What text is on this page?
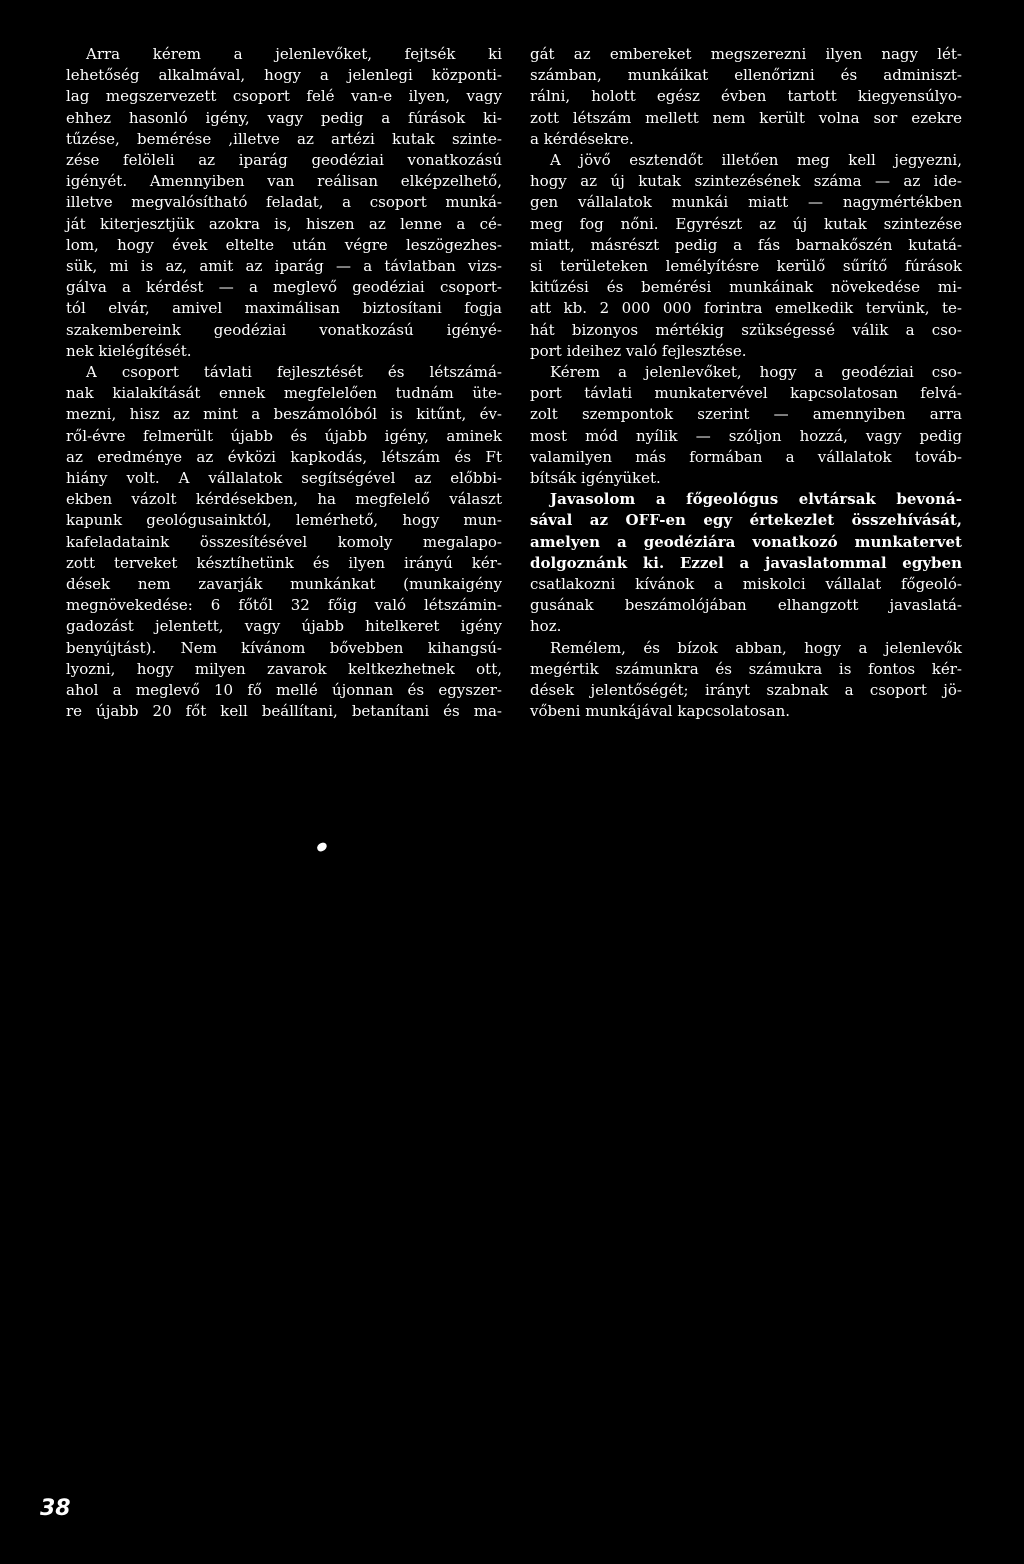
Arra kérem a jelenlevőket, fejtsék ki
lehetőség alkalmával, hogy a jelenlegi központi-
lag megszervezett csoport felé van-e ilyen, vagy
ehhez hasonló igény, vagy pedig a fúrások ki-
tűzése, bemérése ,illetve az artézi kutak szinte-
zése felöleli az iparág geodéziai vonatkozású
igényét. Amennyiben van reálisan elképzelhető,
illetve megvalósítható feladat, a csoport munká-
ját kiterjesztjük azokra is, hiszen az lenne a cé-
lom, hogy évek eltelte után végre leszögezhes-
sük, mi is az, amit az iparág — a távlatban vizs-
gálva a kérdést — a meglevő geodéziai csoport-
tól elvár, amivel maximálisan biztosítani fogja
szakembereink geodéziai vonatkozású igényé-
nek kielégítését.

A csoport távlati fejlesztését és létszámá-
nak kialakítását ennek megfelelően tudnám üte-
mezni, hisz az mint a beszámolóból is kitűnt, év-
ről-évre felmerült újabb és újabb igény, aminek
az eredménye az évközi kapkodás, létszám és Ft
hiány volt. A vállalatok segítségével az előbbi-
ekben vázolt kérdésekben, ha megfelelő választ
kapunk geológusainktól, lemérhető, hogy mun-
kafeladataink összesítésével komoly megalapo-
zott terveket késztíhetünk és ilyen irányú kér-
dések nem zavarják munkánkat (munkaigény
megnövekedése: 6 főtől 32 főig való létszámin-
gadozást jelentett, vagy újabb hitelkeret igény
benyújtást). Nem kívánom bővebben kihangsú-
lyozni, hogy milyen zavarok keltkezhetnek ott,
ahol a meglevő 10 fő mellé újonnan és egyszer-
re újabb 20 főt kell beállítani, betanítani és ma-

gát az embereket megszerezni ilyen nagy lét-
számban, munkáikat ellenőrizni és adminiszt-
rálni, holott egész évben tartott kiegyensúlyo-
zott létszám mellett nem került volna sor ezekre
a kérdésekre.

A jövő esztendőt illetően meg kell jegyezni,
hogy az új kutak szintezésének száma — az ide-
gen vállalatok munkái miatt — nagymértékben
meg fog nőni. Egyrészt az új kutak szintezése
miatt, másrészt pedig a fás barnakőszén kutatá-
si területeken lemélyítésre kerülő sűrítő fúrások
kitűzési és bemérési munkáinak növekedése mi-
att kb. 2 000 000 forintra emelkedik tervünk, te-
hát bizonyos mértékig szükségessé válik a cso-
port ideihez való fejlesztése.

Kérem a jelenlevőket, hogy a geodéziai cso-
port távlati munkatervével kapcsolatosan felvá-
zolt szempontok szerint — amennyiben arra
most mód nyílik — szóljon hozzá, vagy pedig
valamilyen más formában a vállalatok továb-
bítsák igényüket.

Javasolom a főgeológus elvtársak bevoná-
sával az OFF-en egy értekezlet összehívását,
amelyen a geodéziára vonatkozó munkatervet
dolgoznánk ki. Ezzel a javaslatommal egyben
csatlakozni kívánok a miskolci vállalat főgeoló-
gusának beszámolójában elhangzott javaslatá-
hoz.

Remélem, és bízok abban, hogy a jelenlevők
megértik számunkra és számukra is fontos kér-
dések jelentőségét; irányt szabnak a csoport jö-
vőbeni munkájával kapcsolatosan.

38
